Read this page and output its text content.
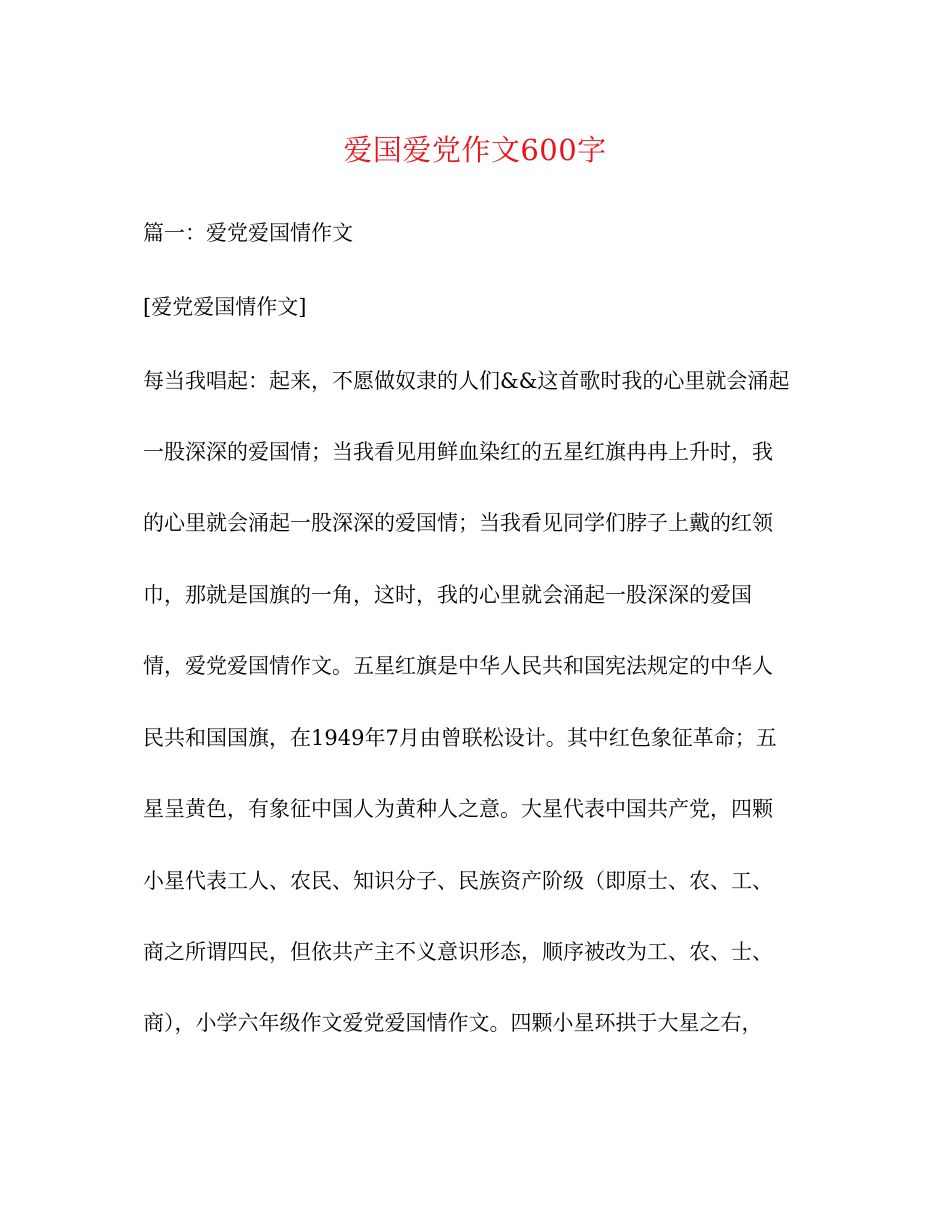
爱国爱党作文600字

篇一：爱党爱国情作文

[爱党爱国情作文]

每当我唱起：起来，不愿做奴隶的人们&&这首歌时我的心里就会涌起

一股深深的爱国情；当我看见用鲜血染红的五星红旗冉冉上升时，我

的心里就会涌起一股深深的爱国情；当我看见同学们脖子上戴的红领

巾，那就是国旗的一角，这时，我的心里就会涌起一股深深的爱国

情，爱党爱国情作文。五星红旗是中华人民共和国宪法规定的中华人

民共和国国旗，在1949年7月由曾联松设计。其中红色象征革命；五

星呈黄色，有象征中国人为黄种人之意。大星代表中国共产党，四颗

小星代表工人、农民、知识分子、民族资产阶级（即原士、农、工、

商之所谓四民，但依共产主不义意识形态，顺序被改为工、农、士、

商），小学六年级作文爱党爱国情作文。四颗小星环拱于大星之右，
